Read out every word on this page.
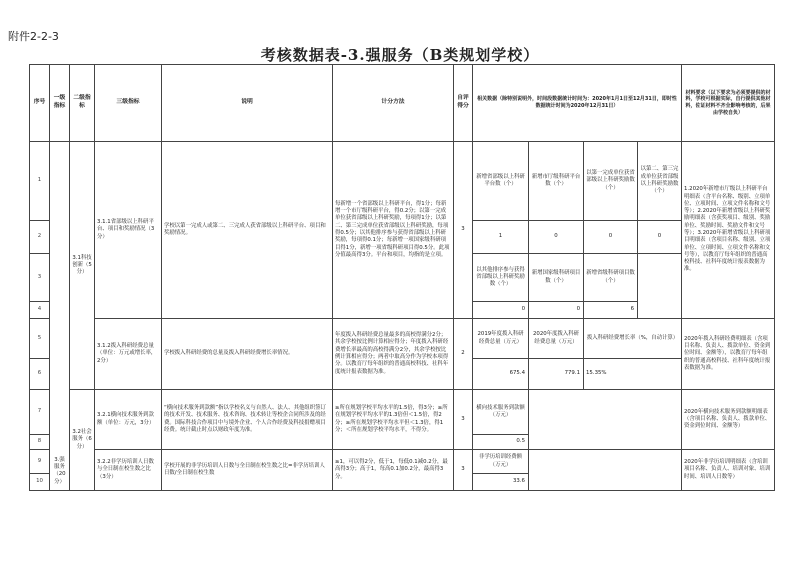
附件2-2-3
考核数据表-3.强服务（B类规划学校）
序号	一级指标	二级指标	三级指标	说明	计分方法	自评得分	相关数据（除特别说明外，时间段数据统计时间为：2020年1月1日至12月31日，即时性数据统计时间为2020年12月31日）				材料要求（以下要求为必须要提供的材料，学校可根据实际，自行提供其他材料，佐证材料不齐全影响考核的，后果由学校自负）
1	3.强服务（20分）	3.1科技创新（5分）	3.1.1省部级以上科研平台、项目和奖励情况（3分）	学校以第一完成人或第二、三完成人获省部级以上科研平台、项目和奖励情况。	每新增一个省部级以上科研平台，得1分；每新增一个市厅级科研平台，得0.2分；以第一完成单位获省部级以上科研奖励，每项得1分；以第二、第三完成单位获省部级以上科研奖励，每项得0.5分；以其他排序参与获得省部级以上科研奖励，每项得0.1分；每新增一项国家级科研项目得1分，新增一项省级科研项目得0.5分。此项分值最高得3分。平台和项目，均指的是立项。	3	新增省部级以上科研平台数（个）	新增市厅级科研平台数（个）	以第一完成单位获省部级以上科研奖励数（个）	以第二、第三完成单位获省部级以上科研奖励数（个）	1.2020年新增市厅级以上科研平台明细表（含平台名称、级别、立项单位、立项时间、立项文件名称和文号等）；2.2020年新增省级以上科研奖励明细表（含获奖项目、级别、奖励单位、奖励时间、奖励文件和文号等）；3.2020年新增省级以上科研项目明细表（含项目名称、级别、立项单位、立项时间、立项文件名称和文号等），以教育厅每年组织的普通高校科技、社科年度统计报表数据为准。
2							1	0	0	0	
3							以其他排序参与获得省部级以上科研奖励数（个）	新增国家级科研项目数（个）	新增省级科研项目数（个）		
4							0	0	6		
5			3.1.2拨入科研经费总量（单位：万元或增长率，2分）	学校拨入科研经费的总量及拨入科研经费增长率情况。	年度拨入科研经费总量最多的高校得满分2分；其余学校按比例计算相应得分；年度拨入科研经费增长率最高的高校得满分2分，其余学校按比例计算相应得分；两者中取高分作为学校本项得分。以教育厅每年组织的普通高校科技、社科年度统计报表数据为准。	2	2019年度拨入科研经费总量（万元）	2020年度拨入科研经费总量（万元）	拨入科研经费增长率（%，自动计算）		2020年拨入科研经费明细表（含项目名称、负责人、拨款单位、资金到位时间、金额等），以教育厅每年组织的普通高校科技、社科年度统计报表数据为准。
6							675.4	779.1	15.35%		
7		3.2社会服务（6分）	3.2.1横向技术服务到款额（单位：万元，3分）	“横向技术服务到款额”指以学校名义与自然人、法人、其他组织签订的技术开发、技术服务、技术咨询、技术转让等校企合同所涉及的经费。国际科技合作项目中与境外企业、个人合作经费及科技捐赠项目经费。统计截止时点以财政年度为准。	≥所在规划学校平均水平的1.5倍，得3分；≥所在规划学校平均水平的1.3倍但＜1.5倍，得2分；≥所在规划学校平均水平但＜1.3倍，得1分；＜所在规划学校平均水平，不得分。	3	横向技术服务到款额（万元）				2020年横向技术服务到款额明细表（含项目名称、负责人、拨款单位、资金到位时间、金额等）
8							0.5				
9			3.2.2非学历培训人日数与全日制在校生数之比（3分）	学校开展的非学历培训人日数与全日制在校生数之比=非学历培训人日数/全日制在校生数	≥1，可以得2分，低于1，每低0.1减0.2分，最高得3分；高于1，每高0.1加0.2分，最高得3分。	3	非学历培训经费额（万元）				2020年非学历培训明细表（含培训项目名称、负责人、培训对象、培训时间、培训人日数等）
10							33.6				
